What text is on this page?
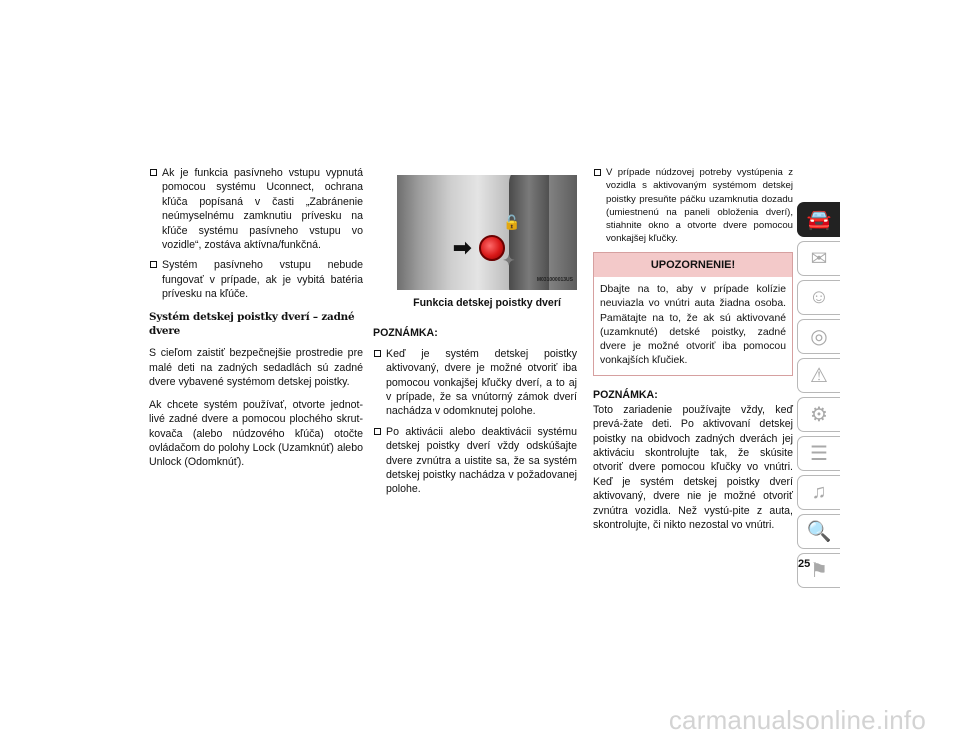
Ak je funkcia pasívneho vstupu vypnutá pomocou systému Uconnect, ochrana kľúča popísaná v časti „Zabránenie neúmyselnému zamknutiu prívesku na kľúče systému pasívneho vstupu vo vozidle“, zostáva aktívna/funkčná.

Systém pasívneho vstupu nebude fungovať v prípade, ak je vybitá batéria prívesku na kľúče.

Systém detskej poistky dverí – zadné dvere

S cieľom zaistiť bezpečnejšie prostredie pre malé deti na zadných sedadlách sú zadné dvere vybavené systémom detskej poistky.

Ak chcete systém používať, otvorte jednot-livé zadné dvere a pomocou plochého skrut-kovača (alebo núdzového kľúča) otočte ovládačom do polohy Lock (Uzamknúť) alebo Unlock (Odomknúť).

🔓
✦
➡
M031000013US

Funkcia detskej poistky dverí

POZNÁMKA:

Keď je systém detskej poistky aktivovaný, dvere je možné otvoriť iba pomocou vonkajšej kľučky dverí, a to aj v prípade, že sa vnútorný zámok dverí nachádza v odomknutej polohe.

Po aktivácii alebo deaktivácii systému detskej poistky dverí vždy odskúšajte dvere zvnútra a uistite sa, že sa systém detskej poistky nachádza v požadovanej polohe.

V prípade núdzovej potreby vystúpenia z vozidla s aktivovaným systémom detskej poistky presuňte páčku uzamknutia dozadu (umiestnenú na paneli obloženia dverí), stiahnite okno a otvorte dvere pomocou vonkajšej kľučky.

UPOZORNENIE!
Dbajte na to, aby v prípade kolízie neuviazla vo vnútri auta žiadna osoba. Pamätajte na to, že ak sú aktivované (uzamknuté) detské poistky, zadné dvere je možné otvoriť iba pomocou vonkajších kľučiek.

POZNÁMKA:

Toto zariadenie používajte vždy, keď prevá-žate deti. Po aktivovaní detskej poistky na obidvoch zadných dverách jej aktiváciu skontrolujte tak, že skúsite otvoriť dvere pomocou kľučky vo vnútri. Keď je systém detskej poistky dverí aktivovaný, dvere nie je možné otvoriť zvnútra vozidla. Než vystú-pite z auta, skontrolujte, či nikto nezostal vo vnútri.

🚘
✉
☺
◎
⚠
⚙
☰
♫
🔍
⚑
25
carmanualsonline.info
